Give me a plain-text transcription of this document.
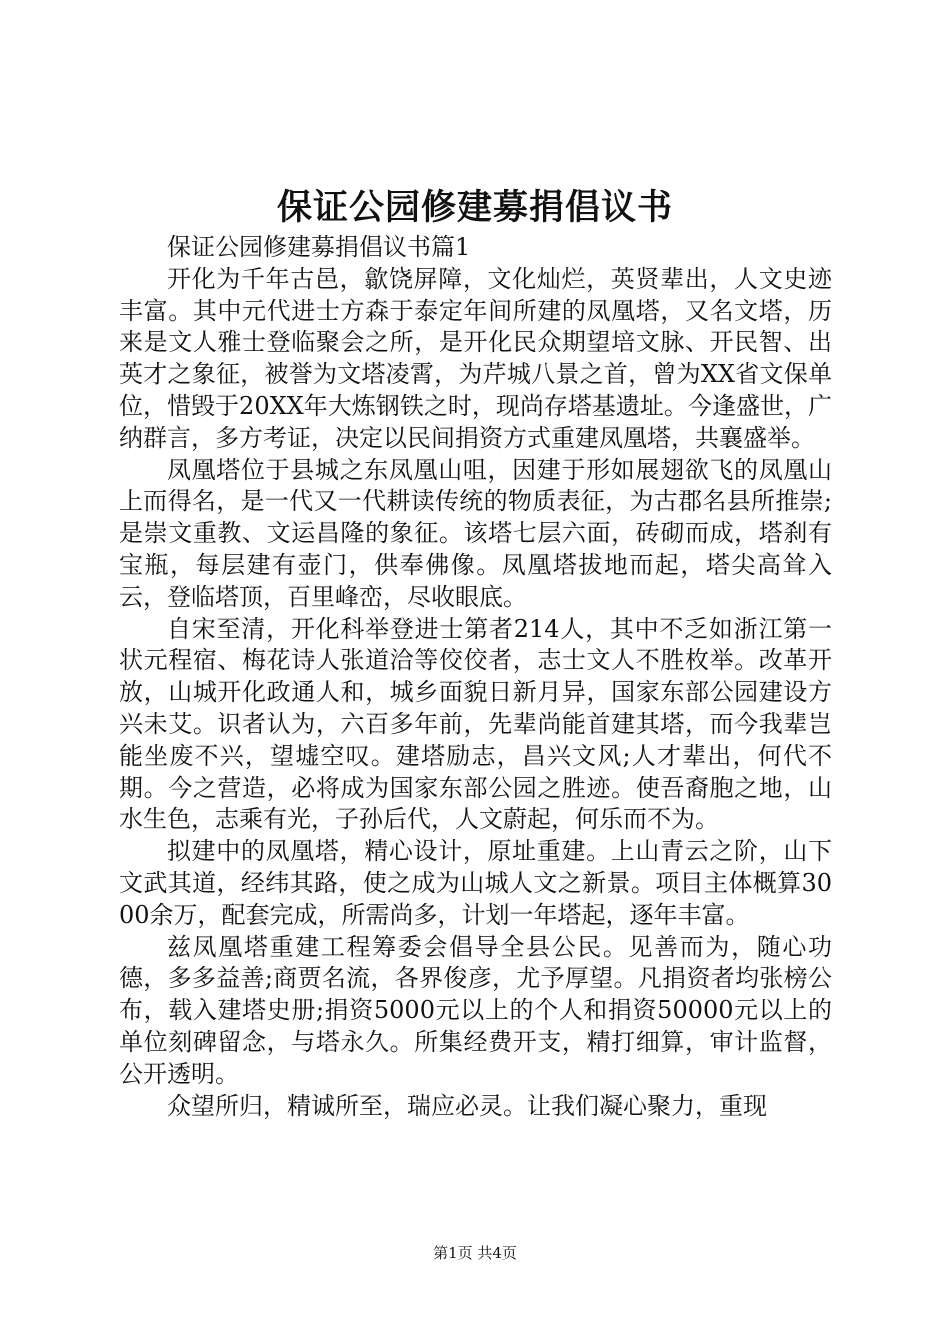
保证公园修建募捐倡议书

保证公园修建募捐倡议书篇1

开化为千年古邑，歙饶屏障，文化灿烂，英贤辈出，人文史迹丰富。其中元代进士方森于泰定年间所建的凤凰塔，又名文塔，历来是文人雅士登临聚会之所，是开化民众期望培文脉、开民智、出英才之象征，被誉为文塔凌霄，为芹城八景之首，曾为XX省文保单位，惜毁于20XX年大炼钢铁之时，现尚存塔基遗址。今逢盛世，广纳群言，多方考证，决定以民间捐资方式重建凤凰塔，共襄盛举。

凤凰塔位于县城之东凤凰山咀，因建于形如展翅欲飞的凤凰山上而得名，是一代又一代耕读传统的物质表征，为古郡名县所推崇;是崇文重教、文运昌隆的象征。该塔七层六面，砖砌而成，塔刹有宝瓶，每层建有壶门，供奉佛像。凤凰塔拔地而起，塔尖高耸入云，登临塔顶，百里峰峦，尽收眼底。

自宋至清，开化科举登进士第者214人，其中不乏如浙江第一状元程宿、梅花诗人张道洽等佼佼者，志士文人不胜枚举。改革开放，山城开化政通人和，城乡面貌日新月异，国家东部公园建设方兴未艾。识者认为，六百多年前，先辈尚能首建其塔，而今我辈岂能坐废不兴，望墟空叹。建塔励志，昌兴文风;人才辈出，何代不期。今之营造，必将成为国家东部公园之胜迹。使吾裔胞之地，山水生色，志乘有光，子孙后代，人文蔚起，何乐而不为。

拟建中的凤凰塔，精心设计，原址重建。上山青云之阶，山下文武其道，经纬其路，使之成为山城人文之新景。项目主体概算3000余万，配套完成，所需尚多，计划一年塔起，逐年丰富。

兹凤凰塔重建工程筹委会倡导全县公民。见善而为，随心功德，多多益善;商贾名流，各界俊彦，尤予厚望。凡捐资者均张榜公布，载入建塔史册;捐资5000元以上的个人和捐资50000元以上的单位刻碑留念，与塔永久。所集经费开支，精打细算，审计监督，公开透明。

众望所归，精诚所至，瑞应必灵。让我们凝心聚力，重现

第1页 共4页
